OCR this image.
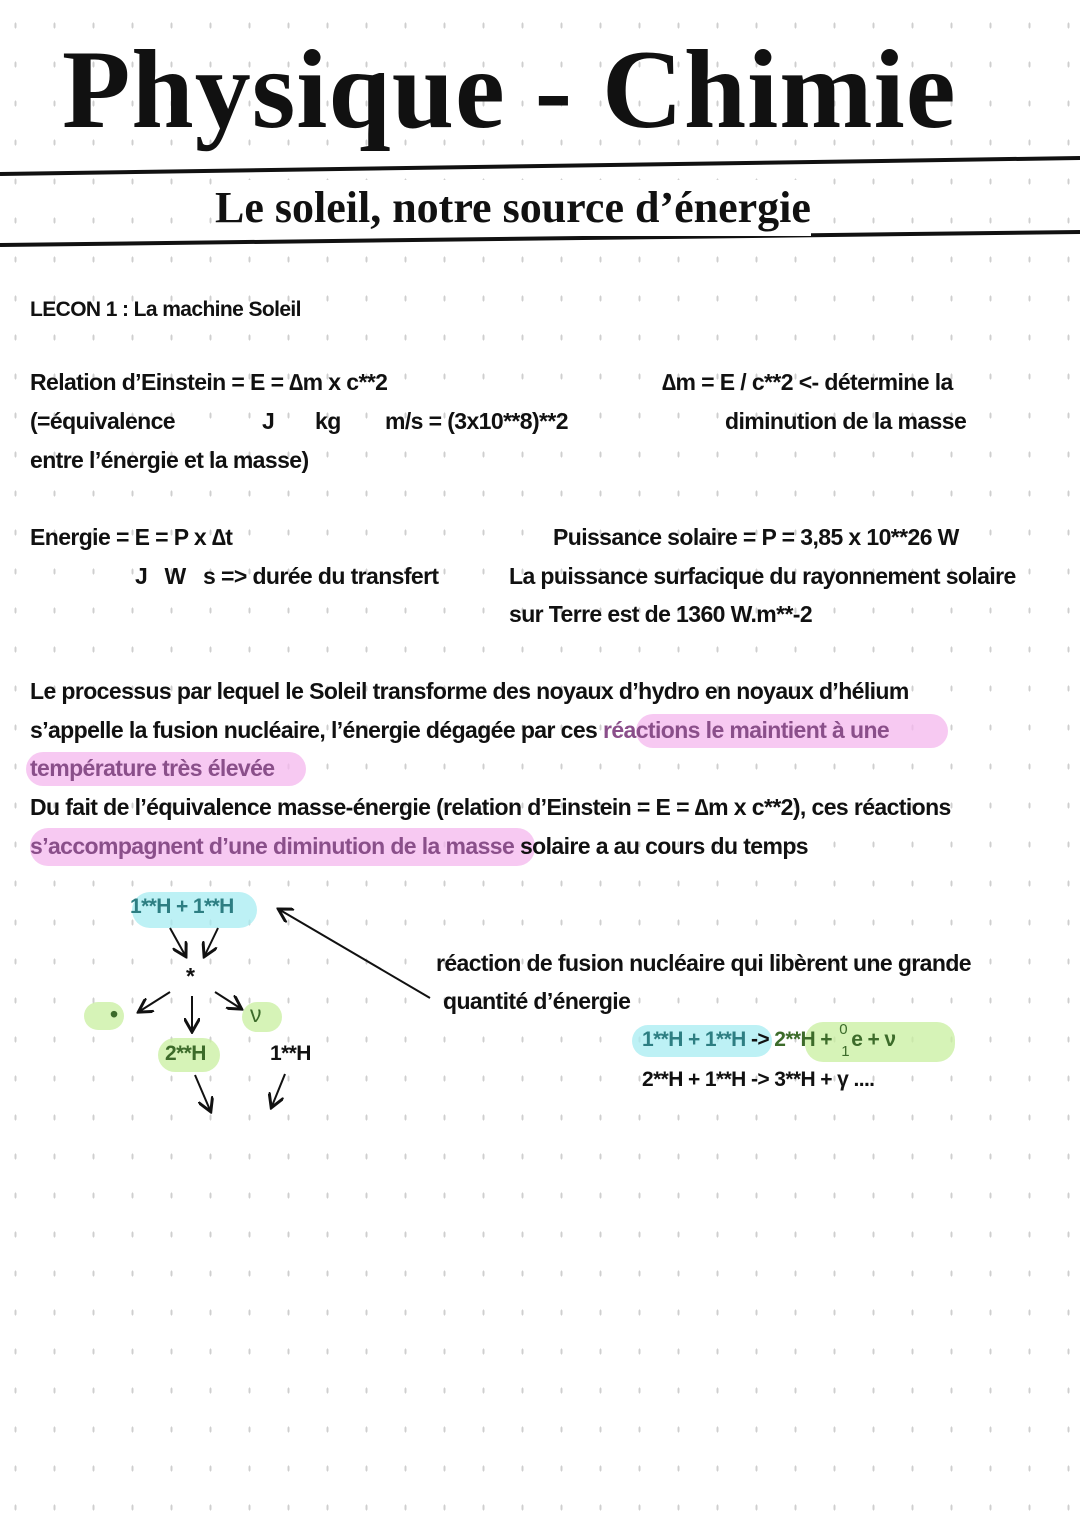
Physique - Chimie
Le soleil, notre source d’énergie
LECON 1 : La machine Soleil
Relation d’Einstein = E = ∆m x c**2
(=équivalence	J kg m/s = (3x10**8)**2
entre l’énergie et la masse)
∆m = E / c**2 <- détermine la
diminution de la masse
Energie = E = P x ∆t
J   W   s => durée du transfert
Puissance solaire = P = 3,85 x 10**26 W
La puissance surfacique du rayonnement solaire
sur Terre est de 1360 W.m**-2
Le processus par lequel le Soleil transforme des noyaux d’hydro en noyaux d’hélium
s’appelle la fusion nucléaire, l’énergie dégagée par ces réactions le maintient à une
température très élevée
Du fait de l’équivalence masse-énergie (relation d’Einstein = E = ∆m x c**2), ces réactions
s’accompagnent d’une diminution de la masse solaire a au cours du temps
1**H + 1**H
*
•	ν
2**H	1**H
réaction de fusion nucléaire qui libèrent une grande
quantité d’énergie
1**H + 1**H -> 2**H + 0
1
e + ν
2**H + 1**H -> 3**H + γ ....
